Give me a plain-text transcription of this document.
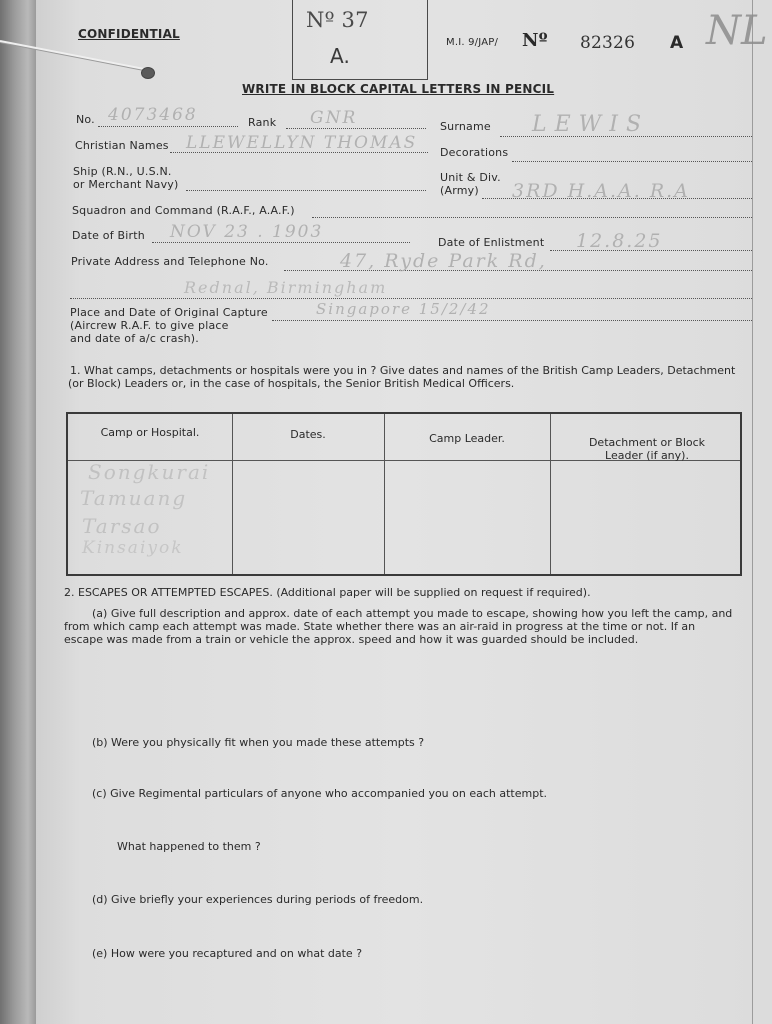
CONFIDENTIAL
Nº 37
A.
M.I. 9/JAP/ Nº 82326 A NL
WRITE IN BLOCK CAPITAL LETTERS IN PENCIL
No. 4073468	Rank GNR	Surname LEWIS
Christian Names LLEWELLYN THOMAS Decorations
Ship (R.N., U.S.N.
or Merchant Navy)
Unit & Div.
(Army) 3RD H.A.A. R.A
Squadron and Command (R.A.F., A.A.F.)
Date of Birth NOV 23 . 1903
Date of Enlistment 12.8.25
Private Address and Telephone No.	47, Ryde Park Rd,
Rednal, Birmingham
Place and Date of Original Capture
(Aircrew R.A.F. to give place
and date of a/c crash).
Singapore 15/2/42
1. What camps, detachments or hospitals were you in ? Give dates and names of the British Camp Leaders, Detachment
(or Block) Leaders or, in the case of hospitals, the Senior British Medical Officers.
Camp or Hospital.	Dates.	Camp Leader.	Detachment or Block Leader (if any).
Songkurai
Tamuang
Tarsao
Kinsaiyok
2. ESCAPES OR ATTEMPTED ESCAPES. (Additional paper will be supplied on request if required).
(a) Give full description and approx. date of each attempt you made to escape, showing how you left the camp, and
from which camp each attempt was made. State whether there was an air-raid in progress at the time or not. If an
escape was made from a train or vehicle the approx. speed and how it was guarded should be included.
(b) Were you physically fit when you made these attempts ?
(c) Give Regimental particulars of anyone who accompanied you on each attempt.
What happened to them ?
(d) Give briefly your experiences during periods of freedom.
(e) How were you recaptured and on what date ?
